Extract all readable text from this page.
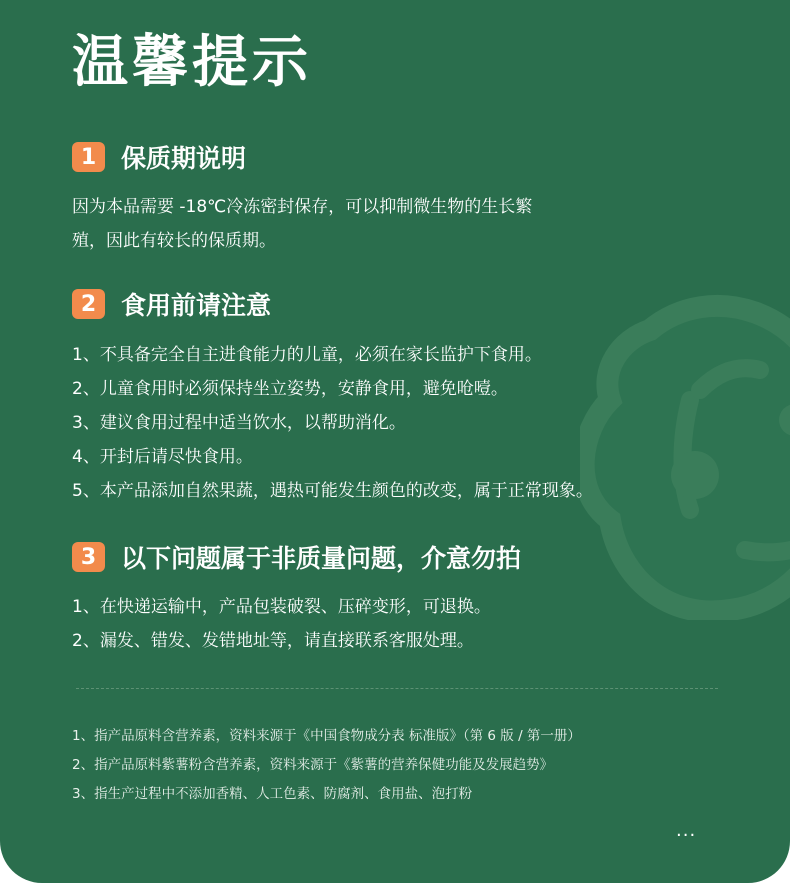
温馨提示
1 保质期说明
因为本品需要 -18℃冷冻密封保存，可以抑制微生物的生长繁
殖，因此有较长的保质期。
2 食用前请注意
1、不具备完全自主进食能力的儿童，必须在家长监护下食用。
2、儿童食用时必须保持坐立姿势，安静食用，避免呛噎。
3、建议食用过程中适当饮水，以帮助消化。
4、开封后请尽快食用。
5、本产品添加自然果蔬，遇热可能发生颜色的改变，属于正常现象。
3 以下问题属于非质量问题，介意勿拍
1、在快递运输中，产品包装破裂、压碎变形，可退换。
2、漏发、错发、发错地址等，请直接联系客服处理。
1、指产品原料含营养素，资料来源于《中国食物成分表 标准版》（第 6 版 / 第一册）
2、指产品原料紫薯粉含营养素，资料来源于《紫薯的营养保健功能及发展趋势》
3、指生产过程中不添加香精、人工色素、防腐剂、食用盐、泡打粉
...
